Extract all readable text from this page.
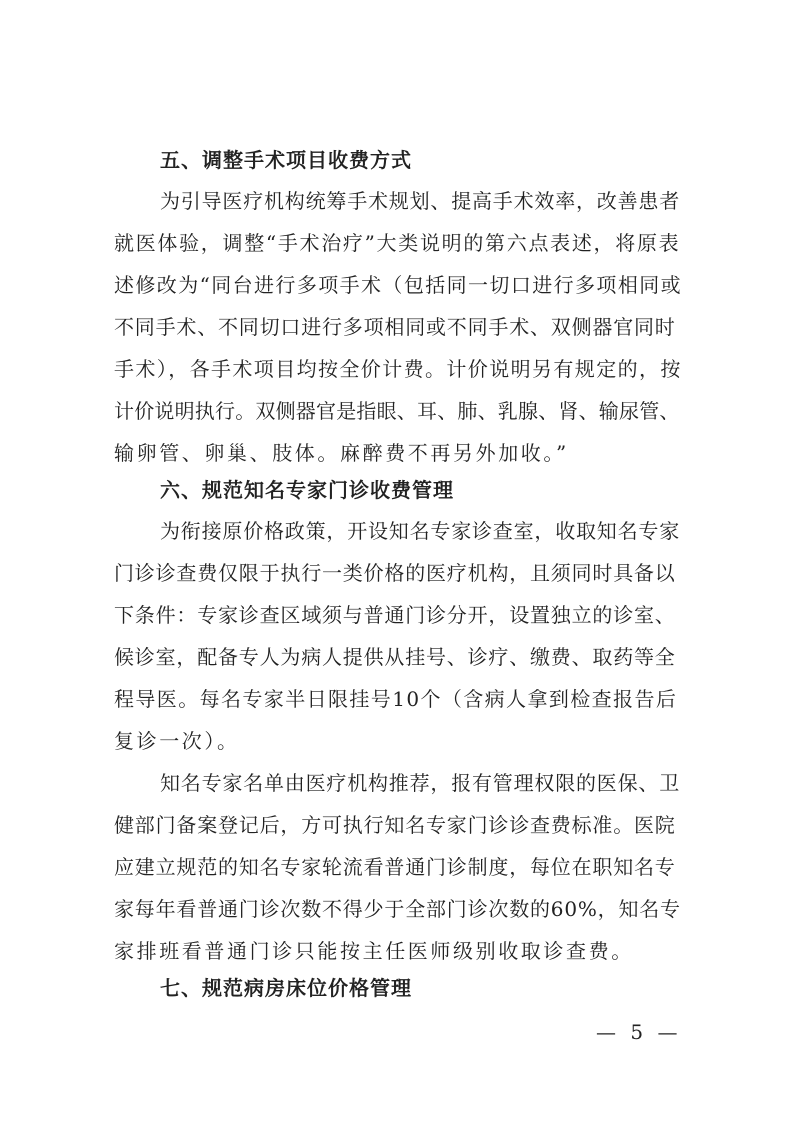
五、调整手术项目收费方式

为引导医疗机构统筹手术规划、提高手术效率，改善患者

就医体验，调整“手术治疗”大类说明的第六点表述，将原表

述修改为“同台进行多项手术（包括同一切口进行多项相同或

不同手术、不同切口进行多项相同或不同手术、双侧器官同时

手术），各手术项目均按全价计费。计价说明另有规定的，按

计价说明执行。双侧器官是指眼、耳、肺、乳腺、肾、输尿管、

输卵管、卵巢、肢体。麻醉费不再另外加收。”

六、规范知名专家门诊收费管理

为衔接原价格政策，开设知名专家诊查室，收取知名专家

门诊诊查费仅限于执行一类价格的医疗机构，且须同时具备以

下条件：专家诊查区域须与普通门诊分开，设置独立的诊室、

候诊室，配备专人为病人提供从挂号、诊疗、缴费、取药等全

程导医。每名专家半日限挂号10个（含病人拿到检查报告后

复诊一次）。

知名专家名单由医疗机构推荐，报有管理权限的医保、卫

健部门备案登记后，方可执行知名专家门诊诊查费标准。医院

应建立规范的知名专家轮流看普通门诊制度，每位在职知名专

家每年看普通门诊次数不得少于全部门诊次数的60%，知名专

家排班看普通门诊只能按主任医师级别收取诊查费。

七、规范病房床位价格管理

— 5 —
